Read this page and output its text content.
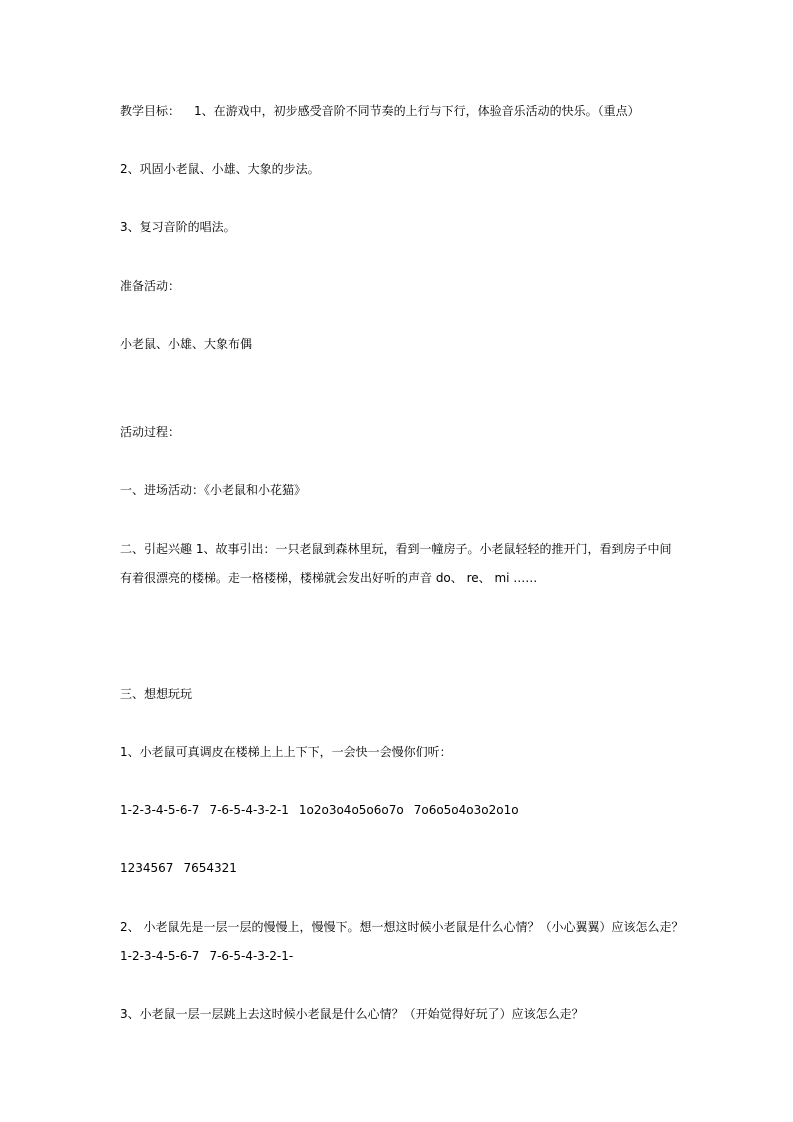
教学目标： 1、在游戏中，初步感受音阶不同节奏的上行与下行，体验音乐活动的快乐。（重点）
2、巩固小老鼠、小雄、大象的步法。
3、复习音阶的唱法。
准备活动：
小老鼠、小雄、大象布偶
活动过程：
一、进场活动：《小老鼠和小花猫》
二、引起兴趣 1、故事引出：一只老鼠到森林里玩，看到一幢房子。小老鼠轻轻的推开门，看到房子中间
有着很漂亮的楼梯。走一格楼梯，楼梯就会发出好听的声音 do、 re、 mi ……
三、想想玩玩
1、小老鼠可真调皮在楼梯上上上下下，一会快一会慢你们听：
1-2-3-4-5-6-7 7-6-5-4-3-2-1 1o2o3o4o5o6o7o 7o6o5o4o3o2o1o
1234567 7654321
2、 小老鼠先是一层一层的慢慢上，慢慢下。想一想这时候小老鼠是什么心情？（小心翼翼）应该怎么走？
1-2-3-4-5-6-7 7-6-5-4-3-2-1-
3、小老鼠一层一层跳上去这时候小老鼠是什么心情？（开始觉得好玩了）应该怎么走？
